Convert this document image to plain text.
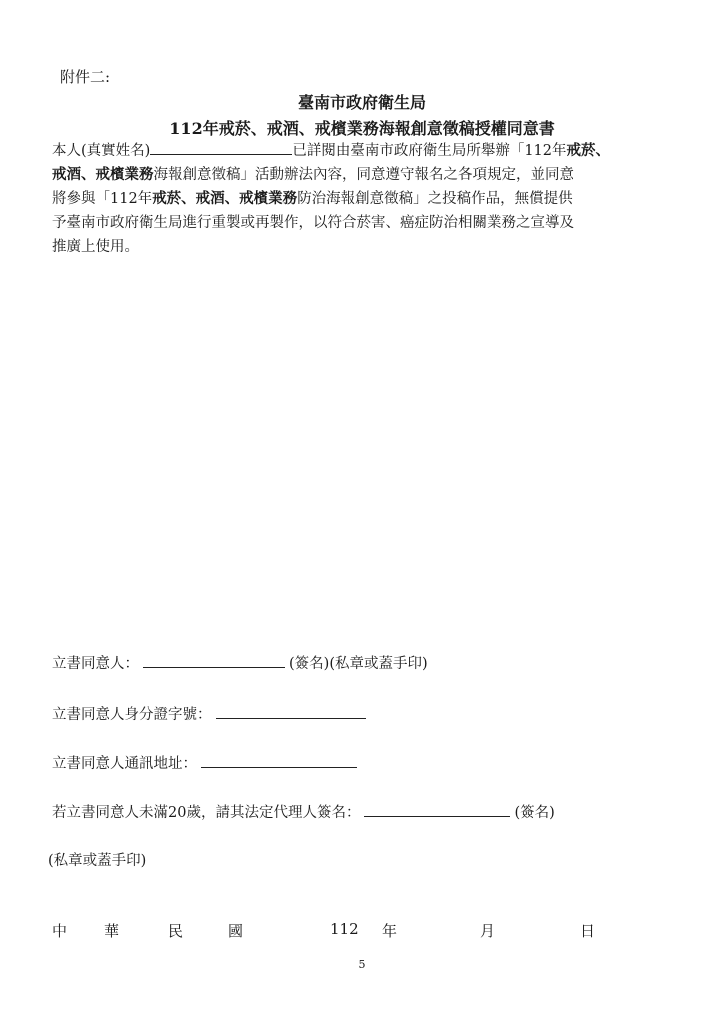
附件二:
臺南市政府衛生局
112年戒菸、戒酒、戒檳業務海報創意徵稿授權同意書
本人(真實姓名)	已詳閱由臺南市政府衛生局所舉辦「112年戒菸、
戒酒、戒檳業務海報創意徵稿」活動辦法內容，同意遵守報名之各項規定，並同意
將參與「112年戒菸、戒酒、戒檳業務防治海報創意徵稿」之投稿作品，無償提供
予臺南市政府衛生局進行重製或再製作，以符合菸害、癌症防治相關業務之宣導及
推廣上使用。
立書同意人：	(簽名)(私章或蓋手印)
立書同意人身分證字號：
立書同意人通訊地址：
若立書同意人未滿20歲，請其法定代理人簽名：	(簽名)
(私章或蓋手印)
中 華	民	國	112 年	月	日
5
